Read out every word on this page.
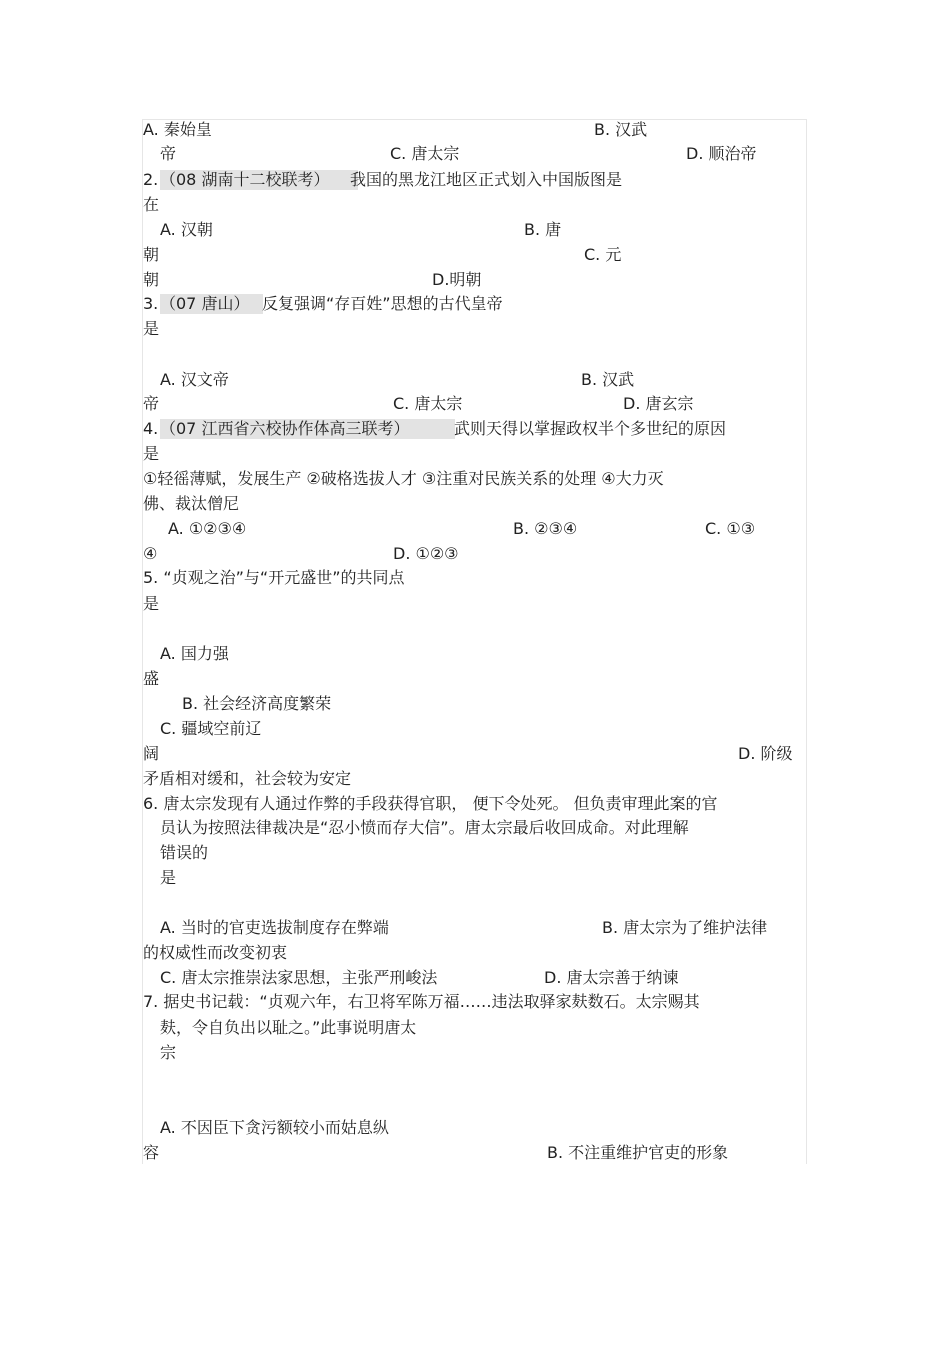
A. 秦始皇	B. 汉武
帝	C. 唐太宗	D. 顺治帝
2. （08 湖南十二校联考）	我国的黑龙江地区正式划入中国版图是
在
A. 汉朝	B. 唐
朝	C. 元
朝	D.明朝
3. （07 唐山） 反复强调“存百姓”思想的古代皇帝
是
A. 汉文帝	B. 汉武
帝	C. 唐太宗	D. 唐玄宗
4. （07 江西省六校协作体高三联考）	武则天得以掌握政权半个多世纪的原因
是
①轻徭薄赋，发展生产 ②破格选拔人才 ③注重对民族关系的处理 ④大力灭
佛、裁汰僧尼
A. ①②③④	B. ②③④	C. ①③
④	D. ①②③
5. “贞观之治”与“开元盛世”的共同点
是
A. 国力强
盛
B. 社会经济高度繁荣
C. 疆域空前辽
阔	D. 阶级
矛盾相对缓和，社会较为安定
6. 唐太宗发现有人通过作弊的手段获得官职， 便下令处死。 但负责审理此案的官
员认为按照法律裁决是“忍小愤而存大信”。唐太宗最后收回成命。对此理解
错误的
是
A. 当时的官吏选拔制度存在弊端	B. 唐太宗为了维护法律
的权威性而改变初衷
C. 唐太宗推崇法家思想，主张严刑峻法	D. 唐太宗善于纳谏
7. 据史书记载：“贞观六年，右卫将军陈万福……违法取驿家麸数石。太宗赐其
麸，令自负出以耻之。”此事说明唐太
宗
A. 不因臣下贪污额较小而姑息纵
容	B. 不注重维护官吏的形象
